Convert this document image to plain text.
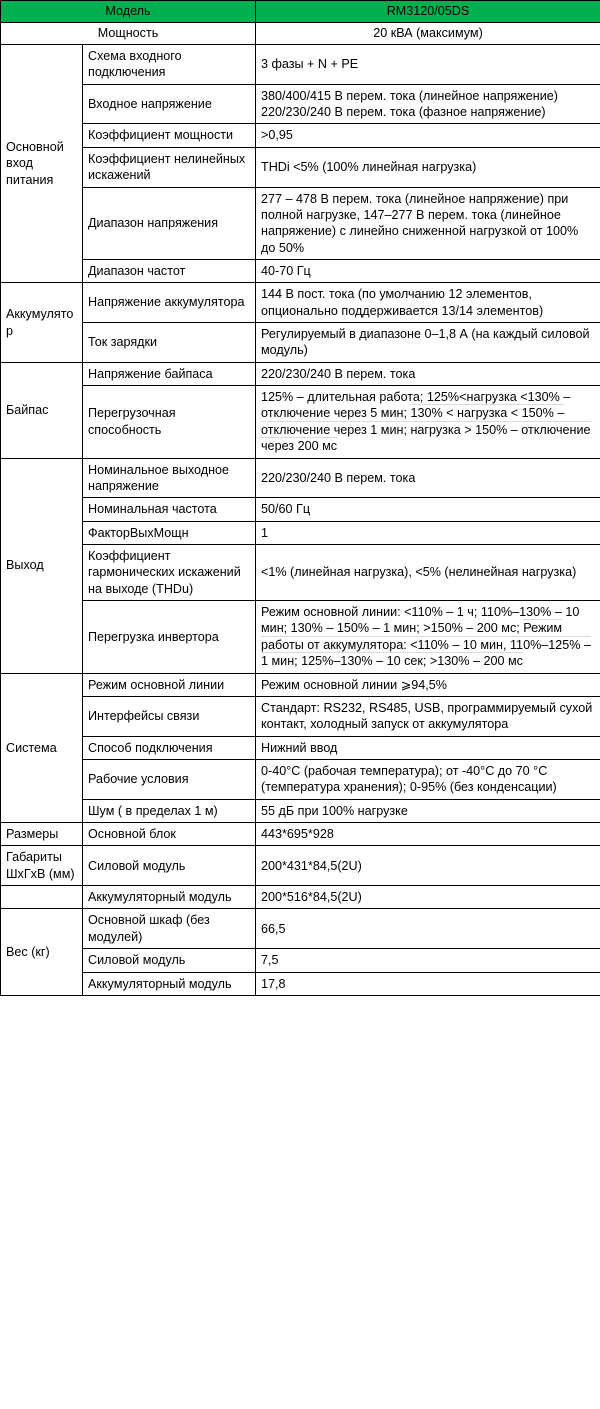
Модель		RM3120/05DS
Мощность		20 кВА (максимум)
Основной вход питания	Схема входного подключения	3 фазы + N + PE
	Входное напряжение	380/400/415 В перем. тока (линейное напряжение) 220/230/240 В перем. тока (фазное напряжение)
	Коэффициент мощности	>0,95
	Коэффициент нелинейных искажений	THDi <5% (100% линейная нагрузка)
	Диапазон напряжения	277 – 478 В перем. тока (линейное напряжение) при полной нагрузке, 147–277 В перем. тока (линейное напряжение) с линейно сниженной нагрузкой от 100% до 50%
	Диапазон частот	40-70 Гц
Аккумулятор	Напряжение аккумулятора	144 В пост. тока (по умолчанию 12 элементов, опционально поддерживается 13/14 элементов)
	Ток зарядки	Регулируемый в диапазоне 0–1,8 А (на каждый силовой модуль)
Байпас	Напряжение байпаса	220/230/240 В перем. тока
	Перегрузочная способность	125% – длительная работа; 125%<нагрузка <130% – отключение через 5 мин; 130% < нагрузка < 150% – отключение через 1 мин; нагрузка > 150% – отключение через 200 мс

Выход	Номинальное выходное напряжение	220/230/240 В перем. тока
	Номинальная частота	50/60 Гц
	ФакторВыхМощн	1
	Коэффициент гармонических искажений на выходе (THDu)	<1% (линейная нагрузка), <5% (нелинейная нагрузка)
	Перегрузка инвертора	Режим основной линии: <110% – 1 ч; 110%–130% – 10 мин; 130% – 150% – 1 мин; >150% – 200 мс; Режим работы от аккумулятора: <110% – 10 мин, 110%–125% – 1 мин; 125%–130% – 10 сек; >130% – 200 мс

Система	Режим основной линии	Режим основной линии ⩾94,5%
	Интерфейсы связи	Стандарт: RS232, RS485, USB, программируемый сухой контакт, холодный запуск от аккумулятора
	Способ подключения	Нижний ввод
	Рабочие условия	0-40°C (рабочая температура); от -40°C до 70 °C (температура хранения); 0-95% (без конденсации)
	Шум ( в пределах 1 м)	55 дБ при 100% нагрузке
Размеры	Основной блок	443*695*928
Габариты ШхГхВ (мм)	Силовой модуль	200*431*84,5(2U)
	Аккумуляторный модуль	200*516*84,5(2U)
Вес (кг)	Основной шкаф (без модулей)	66,5
	Силовой модуль	7,5
	Аккумуляторный модуль	17,8
